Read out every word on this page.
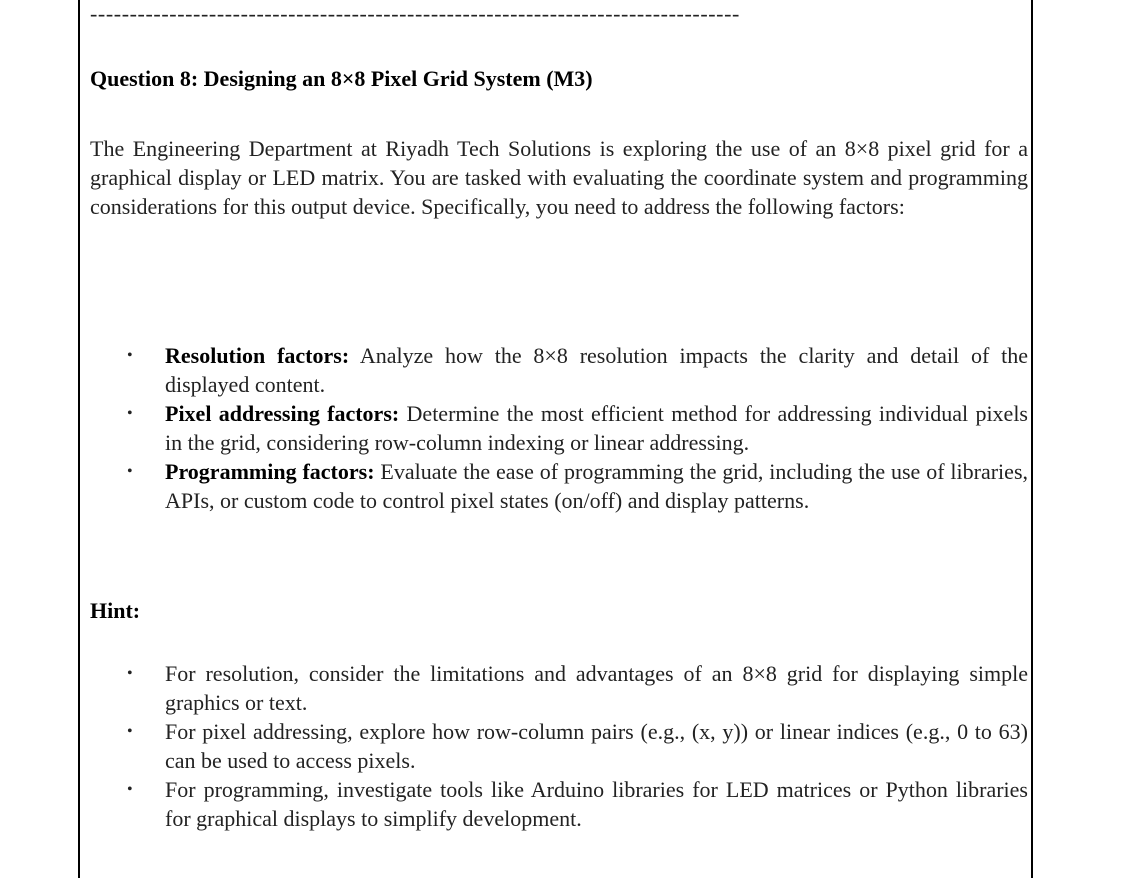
----------------------------------------------------------------------------------
Question 8: Designing an 8×8 Pixel Grid System (M3)
The Engineering Department at Riyadh Tech Solutions is exploring the use of an 8×8 pixel grid for a graphical display or LED matrix. You are tasked with evaluating the coordinate system and programming considerations for this output device. Specifically, you need to address the following factors:
• Resolution factors: Analyze how the 8×8 resolution impacts the clarity and detail of the displayed content.
• Pixel addressing factors: Determine the most efficient method for addressing individual pixels in the grid, considering row-column indexing or linear addressing.
• Programming factors: Evaluate the ease of programming the grid, including the use of libraries, APIs, or custom code to control pixel states (on/off) and display patterns.
Hint:
• For resolution, consider the limitations and advantages of an 8×8 grid for displaying simple graphics or text.
• For pixel addressing, explore how row-column pairs (e.g., (x, y)) or linear indices (e.g., 0 to 63) can be used to access pixels.
• For programming, investigate tools like Arduino libraries for LED matrices or Python libraries for graphical displays to simplify development.
